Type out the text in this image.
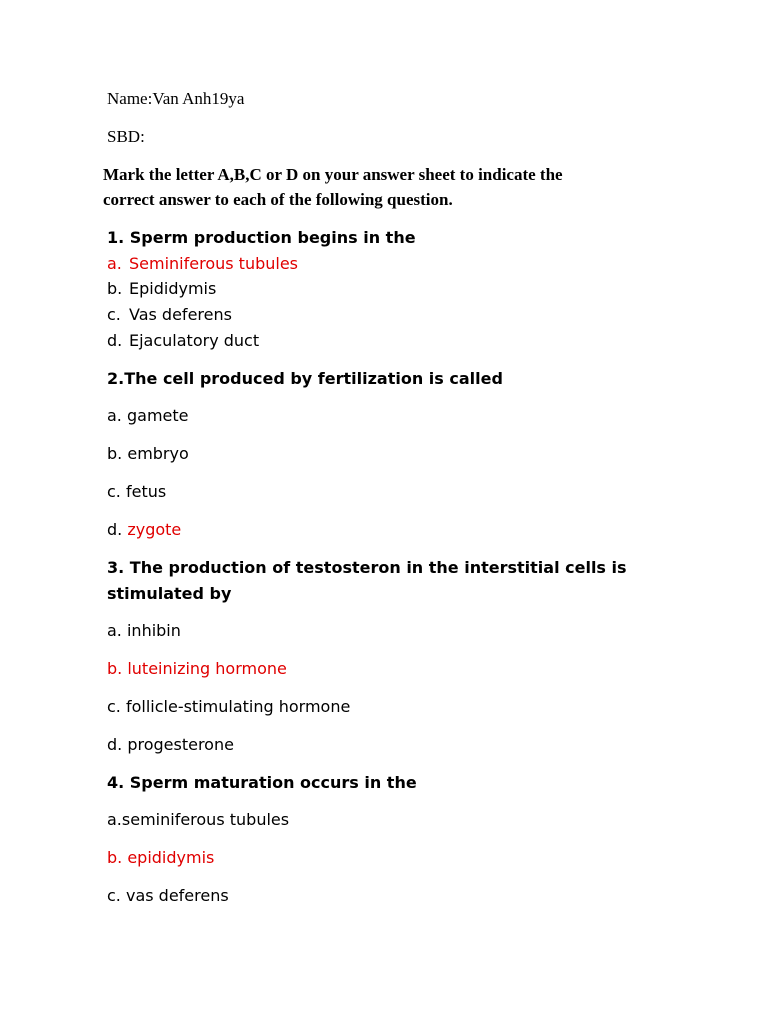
Name:Van Anh19ya
SBD:
Mark the letter A,B,C or D on your answer sheet to indicate the
correct answer to each of the following question.
1. Sperm production begins in the
a. Seminiferous tubules
b. Epididymis
c. Vas deferens
d. Ejaculatory duct
2.The cell produced by fertilization is called
a. gamete
b. embryo
c. fetus
d. zygote
3. The production of testosteron in the interstitial cells is
stimulated by
a. inhibin
b. luteinizing hormone
c. follicle-stimulating hormone
d. progesterone
4. Sperm maturation occurs in the
a.seminiferous tubules
b. epididymis
c. vas deferens
